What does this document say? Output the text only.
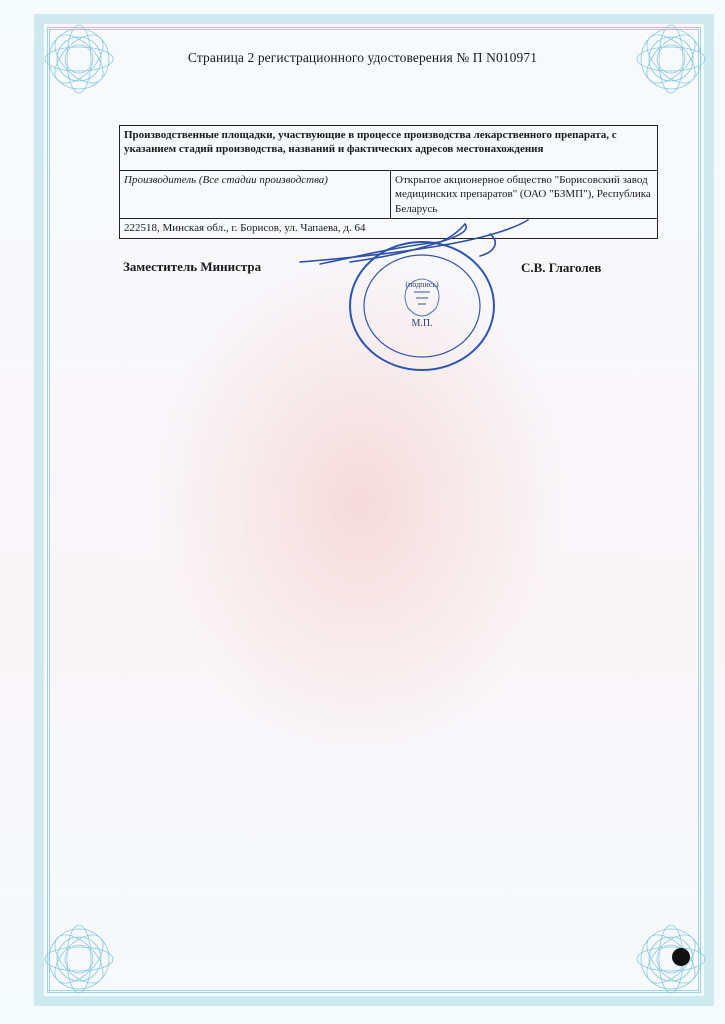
Страница 2 регистрационного удостоверения № П N010971
Производственные площадки, участвующие в процессе производства лекарственного препарата, с указанием стадий производства, названий и фактических адресов местонахождения
Производитель (Все стадии производства)	Открытое акционерное общество "Борисовский завод медицинских препаратов" (ОАО "БЗМП"), Республика Беларусь
222518, Минская обл., г. Борисов, ул. Чапаева, д. 64
Заместитель Министра	С.В. Глаголев
(подпись)
М.П.
